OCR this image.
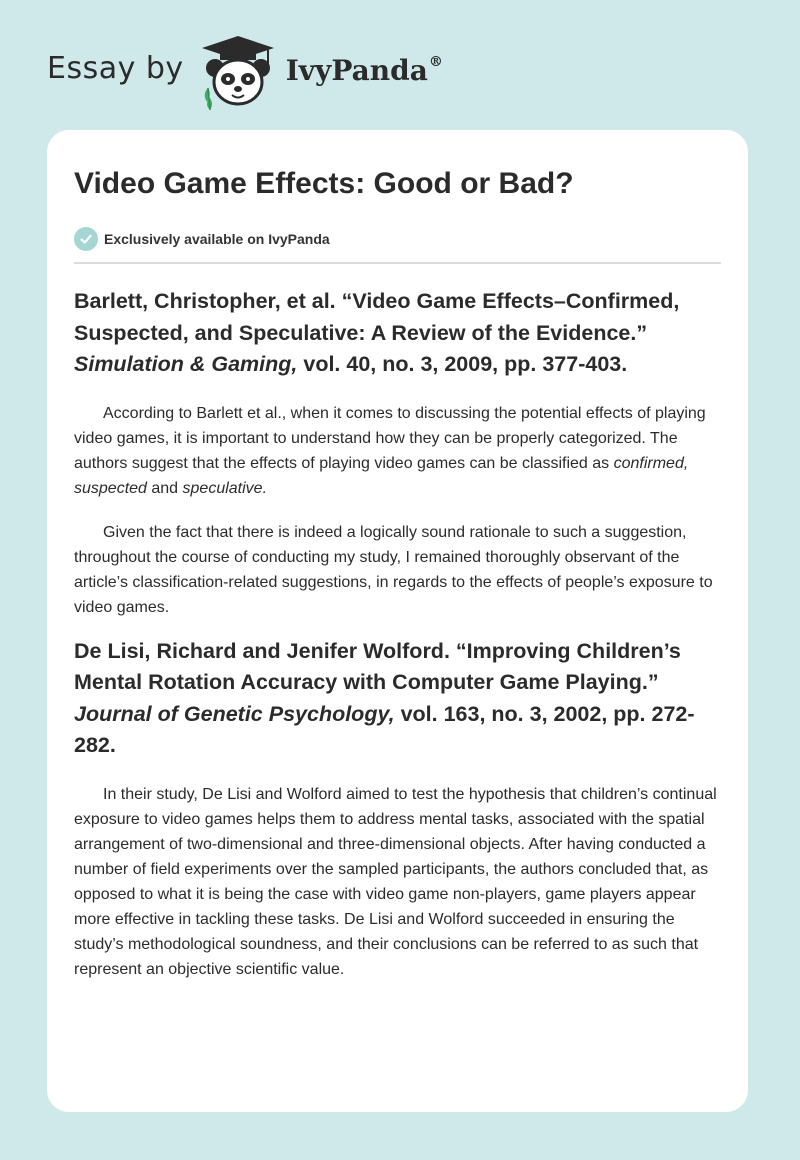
Essay by	IvyPanda®
Video Game Effects: Good or Bad?
Exclusively available on IvyPanda
Barlett, Christopher, et al. “Video Game Effects–Confirmed, Suspected, and Speculative: A Review of the Evidence.” Simulation & Gaming, vol. 40, no. 3, 2009, pp. 377-403.

According to Barlett et al., when it comes to discussing the potential effects of playing video games, it is important to understand how they can be properly categorized. The authors suggest that the effects of playing video games can be classified as confirmed, suspected and speculative.

Given the fact that there is indeed a logically sound rationale to such a suggestion, throughout the course of conducting my study, I remained thoroughly observant of the article’s classification-related suggestions, in regards to the effects of people’s exposure to video games.

De Lisi, Richard and Jenifer Wolford. “Improving Children’s Mental Rotation Accuracy with Computer Game Playing.” Journal of Genetic Psychology, vol. 163, no. 3, 2002, pp. 272-282.

In their study, De Lisi and Wolford aimed to test the hypothesis that children’s continual exposure to video games helps them to address mental tasks, associated with the spatial arrangement of two-dimensional and three-dimensional objects. After having conducted a number of field experiments over the sampled participants, the authors concluded that, as opposed to what it is being the case with video game non-players, game players appear more effective in tackling these tasks. De Lisi and Wolford succeeded in ensuring the study’s methodological soundness, and their conclusions can be referred to as such that represent an objective scientific value.
